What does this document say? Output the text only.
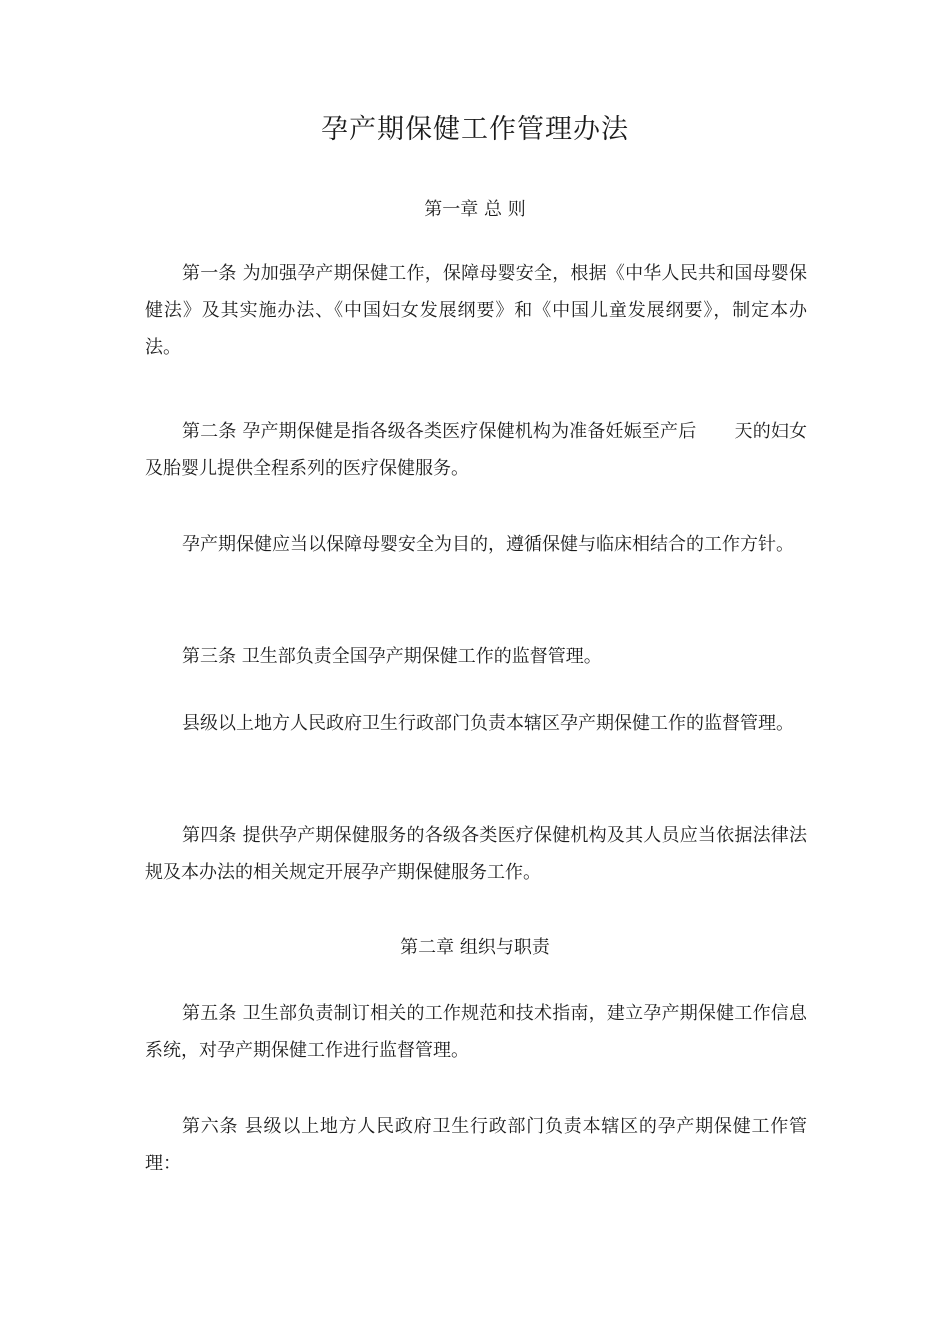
孕产期保健工作管理办法
第一章 总 则
第一条 为加强孕产期保健工作，保障母婴安全，根据《中华人民共和国母婴保健法》及其实施办法、《中国妇女发展纲要》和《中国儿童发展纲要》，制定本办法。
第二条 孕产期保健是指各级各类医疗保健机构为准备妊娠至产后 天的妇女及胎婴儿提供全程系列的医疗保健服务。
孕产期保健应当以保障母婴安全为目的，遵循保健与临床相结合的工作方针。
第三条 卫生部负责全国孕产期保健工作的监督管理。
县级以上地方人民政府卫生行政部门负责本辖区孕产期保健工作的监督管理。
第四条 提供孕产期保健服务的各级各类医疗保健机构及其人员应当依据法律法规及本办法的相关规定开展孕产期保健服务工作。
第二章 组织与职责
第五条 卫生部负责制订相关的工作规范和技术指南，建立孕产期保健工作信息系统，对孕产期保健工作进行监督管理。
第六条 县级以上地方人民政府卫生行政部门负责本辖区的孕产期保健工作管理：
